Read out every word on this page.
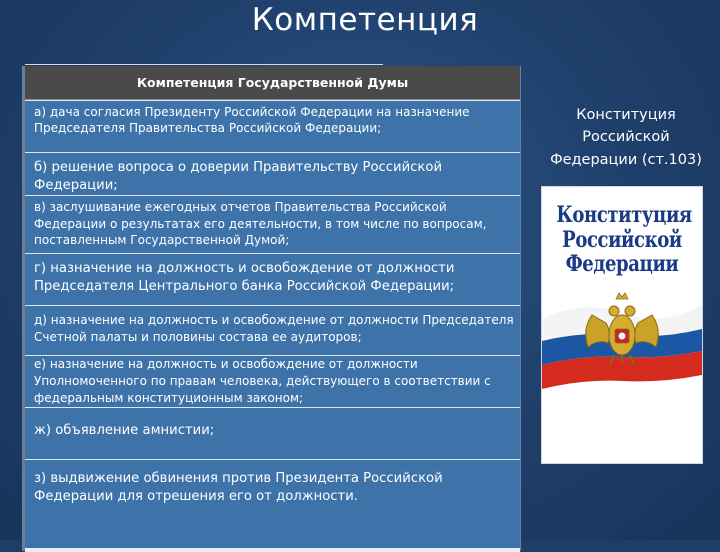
Компетенция
Компетенция Государственной Думы
а) дача согласия Президенту Российской Федерации на назначение Председателя Правительства Российской Федерации;
б) решение вопроса о доверии Правительству Российской Федерации;
в) заслушивание ежегодных отчетов Правительства Российской Федерации о результатах его деятельности, в том числе по вопросам, поставленным Государственной Думой;
г) назначение на должность и освобождение от должности Председателя Центрального банка Российской Федерации;
д) назначение на должность и освобождение от должности Председателя Счетной палаты и половины состава ее аудиторов;
е) назначение на должность и освобождение от должности Уполномоченного по правам человека, действующего в соответствии с федеральным конституционным законом;
ж) объявление амнистии;
з) выдвижение обвинения против Президента Российской Федерации для отрешения его от должности.
Конституция Российской Федерации (ст.103)
Конституция Российской Федерации
